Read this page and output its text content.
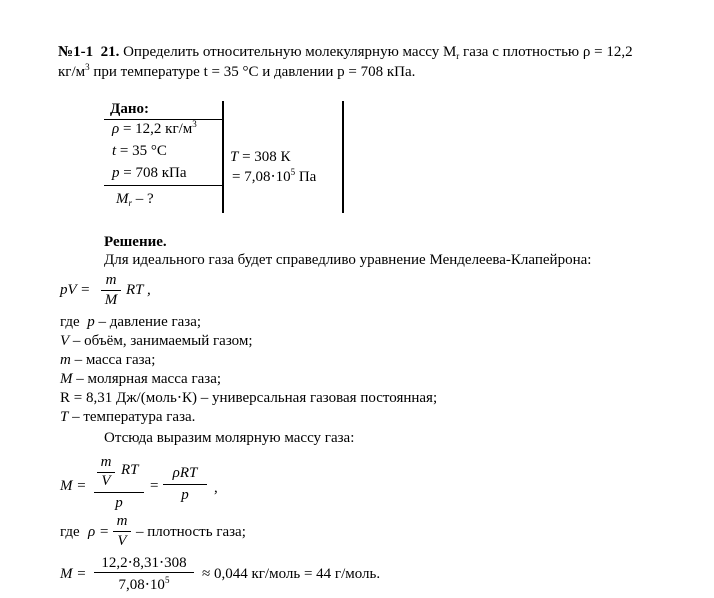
№1-1 21. Определить относительную молекулярную массу $M_r$ газа с плотностью ρ = 12,2
$кг/м^3$ при температуре t = 35 °С и давлении p = 708 кПа.
Дано:
ρ = 12,2 $кг/м^3$
t = 35 °C
p = 708 кПа
$M_r$ – ?
T = 308 К
= $7,08\cdot 10^5$ Па
Решение.
Для идеального газа будет справедливо уравнение Менделеева-Клапейрона:
pV =
m
M
RT ,
где p – давление газа;
V – объём, занимаемый газом;
m – масса газа;
M – молярная масса газа;
R = 8,31 Дж/(моль⋅К) – универсальная газовая постоянная;
T – температура газа.
Отсюда выразим молярную массу газа:
M =
m
V
RT
p
=
ρRT
p	,
где ρ =
m
V
– плотность газа;
M =
12,2⋅8,31⋅308
$7,08\cdot 10^5$	≈ 0,044 кг/моль = 44 г/моль.
